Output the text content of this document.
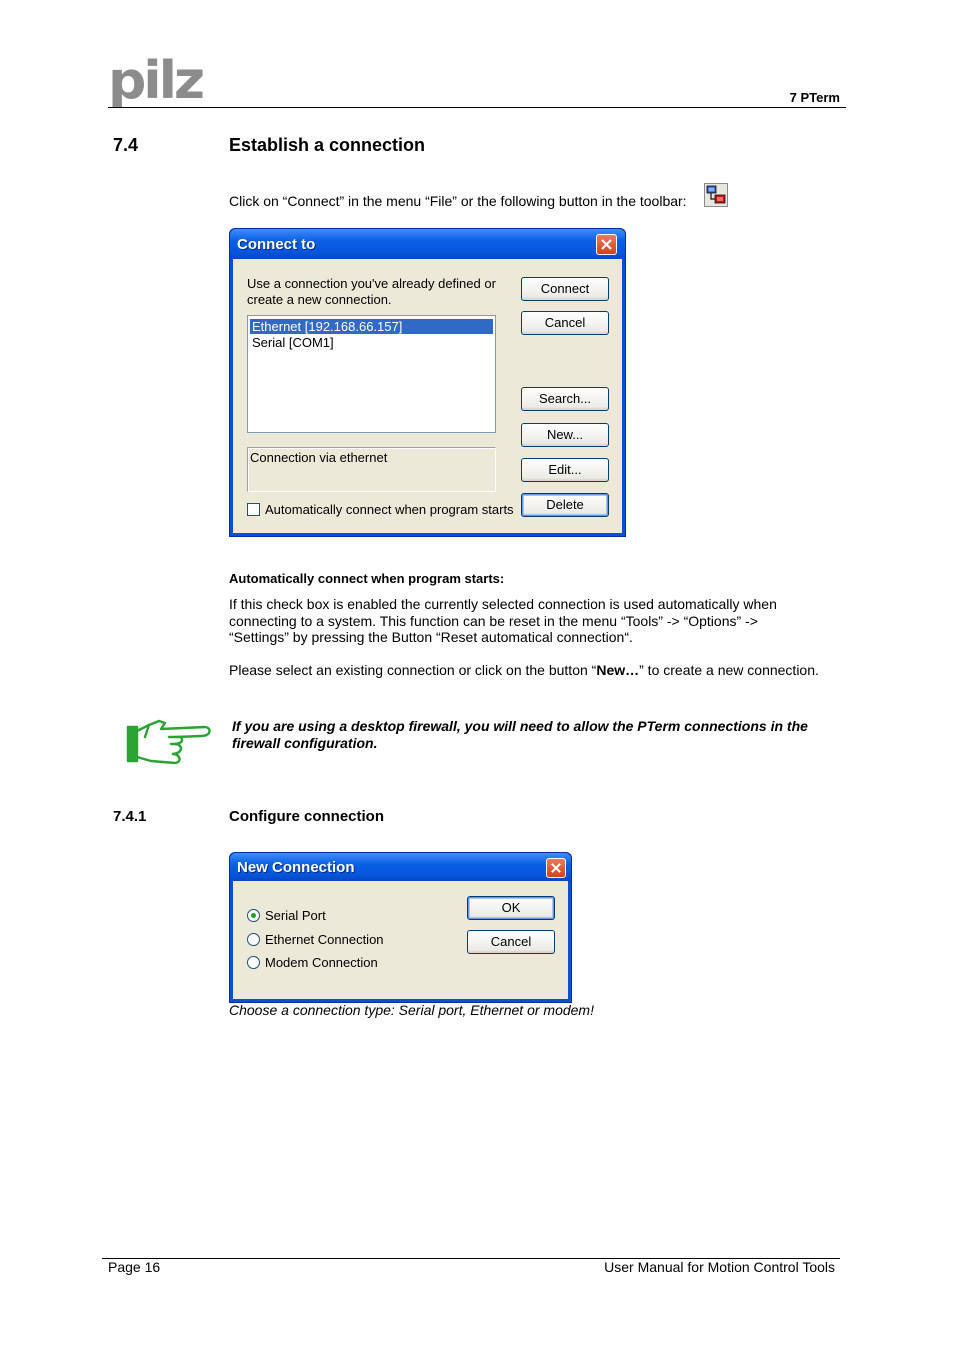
pilz	7 PTerm
7.4	Establish a connection
Click on “Connect” in the menu “File” or the following button in the toolbar:
Connect to
Use a connection you've already defined or
create a new connection.
Ethernet [192.168.66.157]
Serial [COM1]
Connection via ethernet
Automatically connect when program starts
Connect
Cancel
Search...
New...
Edit...
Delete
Automatically connect when program starts:
If this check box is enabled the currently selected connection is used automatically when
connecting to a system. This function can be reset in the menu “Tools” -> “Options” ->
“Settings” by pressing the Button “Reset automatical connection“.
Please select an existing connection or click on the button “New…” to create a new connection.
If you are using a desktop firewall, you will need to allow the PTerm connections in the
firewall configuration.
7.4.1	Configure connection
New Connection
Serial Port
Ethernet Connection
Modem Connection
OK
Cancel
Choose a connection type: Serial port, Ethernet or modem!
Page 16	User Manual for Motion Control Tools
